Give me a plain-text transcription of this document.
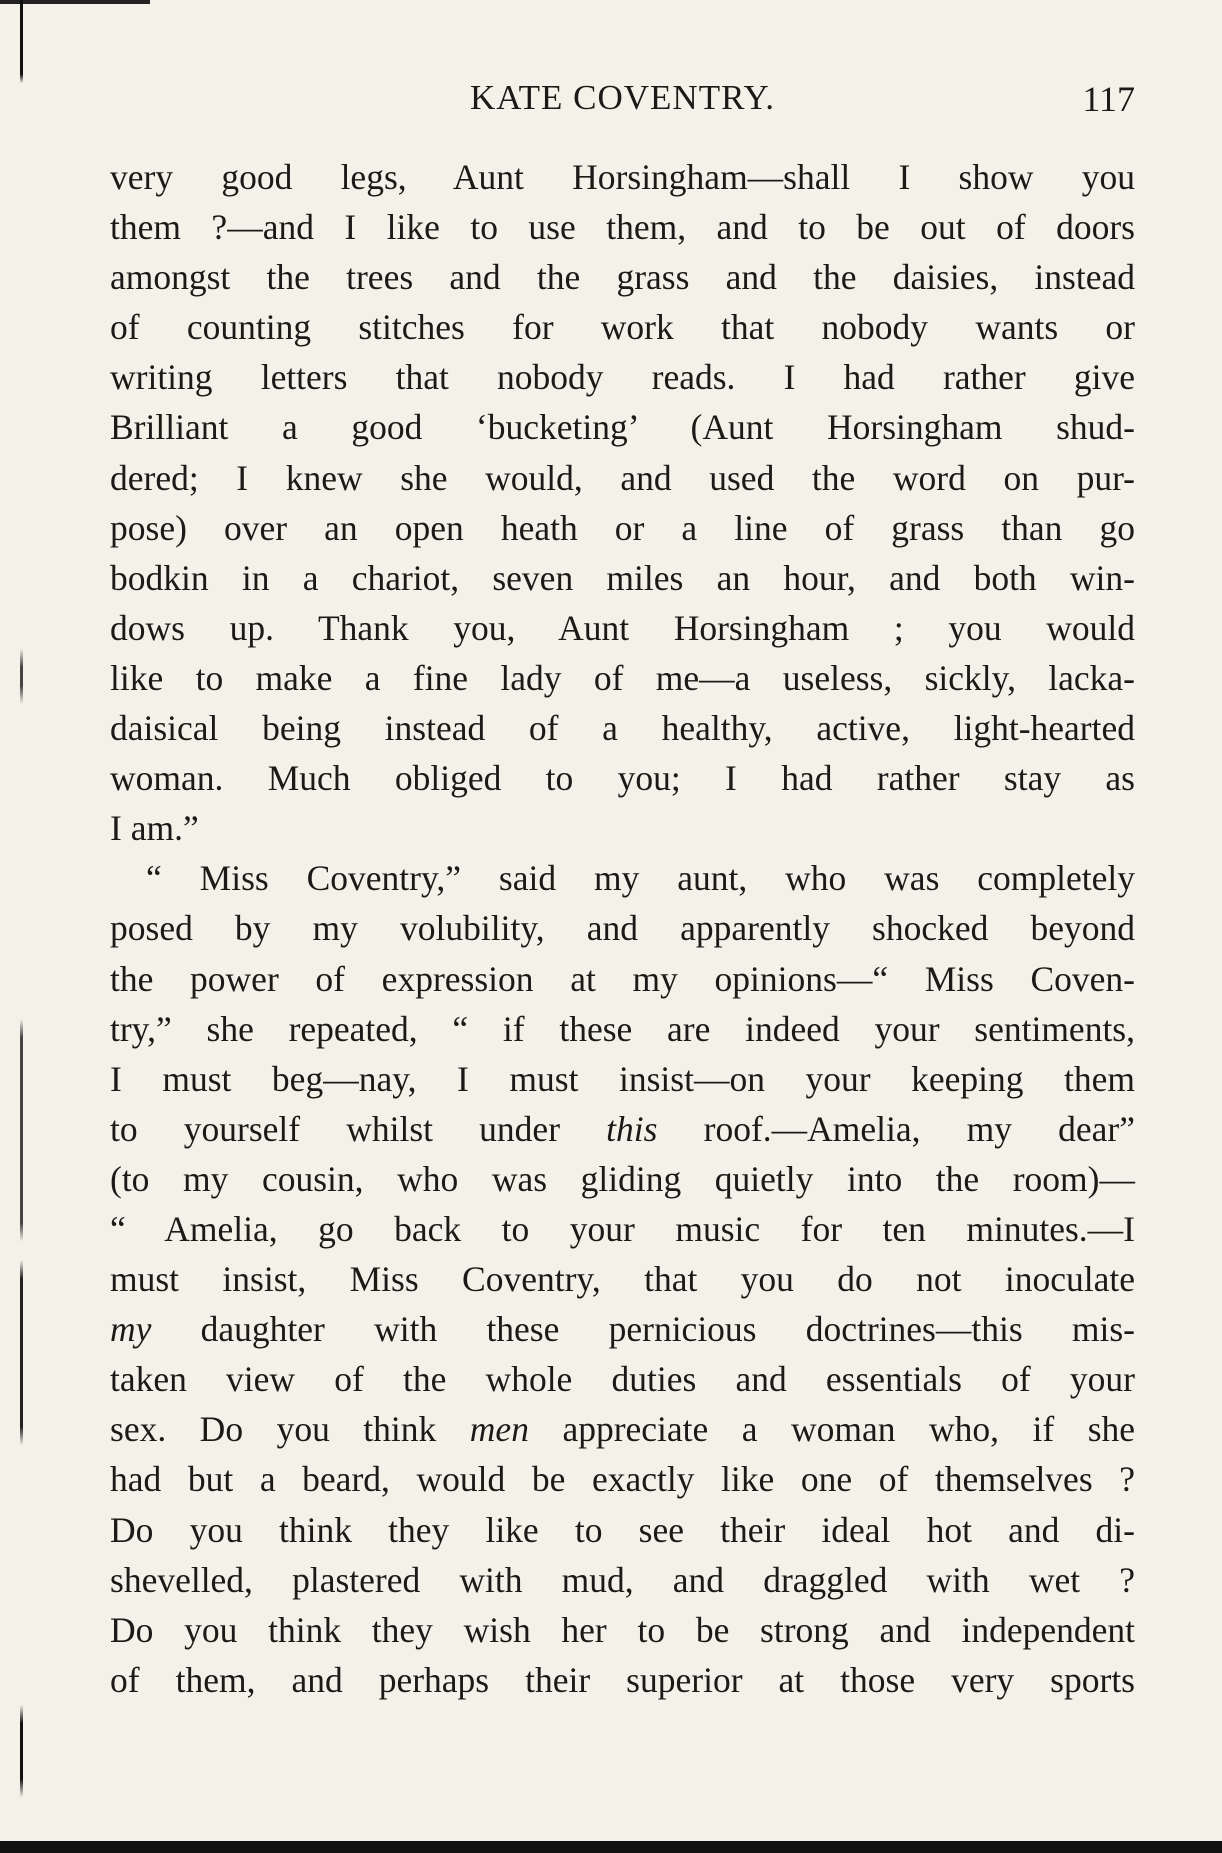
KATE COVENTRY.	117
very good legs, Aunt Horsingham—shall I show you
them ?—and I like to use them, and to be out of doors
amongst the trees and the grass and the daisies, instead
of counting stitches for work that nobody wants or
writing letters that nobody reads. I had rather give
Brilliant a good ‘bucketing’ (Aunt Horsingham shud-
dered; I knew she would, and used the word on pur-
pose) over an open heath or a line of grass than go
bodkin in a chariot, seven miles an hour, and both win-
dows up. Thank you, Aunt Horsingham ; you would
like to make a fine lady of me—a useless, sickly, lacka-
daisical being instead of a healthy, active, light-hearted
woman. Much obliged to you; I had rather stay as
I am.”
“ Miss Coventry,” said my aunt, who was completely
posed by my volubility, and apparently shocked beyond
the power of expression at my opinions—“ Miss Coven-
try,” she repeated, “ if these are indeed your sentiments,
I must beg—nay, I must insist—on your keeping them
to yourself whilst under this roof.—Amelia, my dear”
(to my cousin, who was gliding quietly into the room)—
“ Amelia, go back to your music for ten minutes.—I
must insist, Miss Coventry, that you do not inoculate
my daughter with these pernicious doctrines—this mis-
taken view of the whole duties and essentials of your
sex. Do you think men appreciate a woman who, if she
had but a beard, would be exactly like one of themselves ?
Do you think they like to see their ideal hot and di-
shevelled, plastered with mud, and draggled with wet ?
Do you think they wish her to be strong and independent
of them, and perhaps their superior at those very sports
